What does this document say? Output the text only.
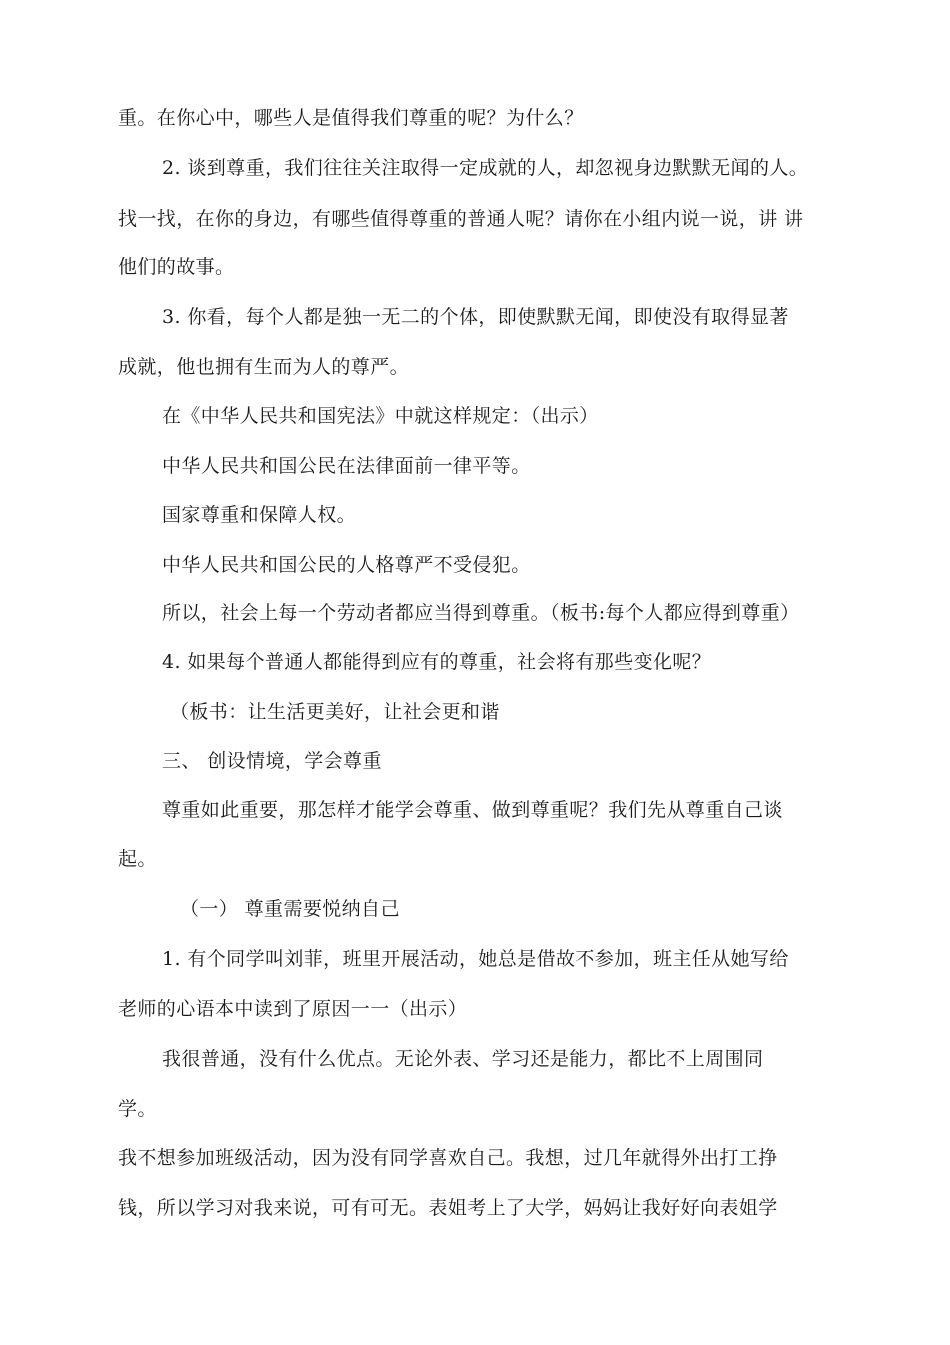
重。在你心中，哪些人是值得我们尊重的呢？为什么？
2. 谈到尊重，我们往往关注取得一定成就的人，却忽视身边默默无闻的人。
找一找，在你的身边，有哪些值得尊重的普通人呢？请你在小组内说一说，讲 讲
他们的故事。
3. 你看，每个人都是独一无二的个体，即使默默无闻，即使没有取得显著
成就，他也拥有生而为人的尊严。
在《中华人民共和国宪法》中就这样规定：（出示）
中华人民共和国公民在法律面前一律平等。
国家尊重和保障人权。
中华人民共和国公民的人格尊严不受侵犯。
所以，社会上每一个劳动者都应当得到尊重。（板书:每个人都应得到尊重）
4. 如果每个普通人都能得到应有的尊重，社会将有那些变化呢？
（板书：让生活更美好，让社会更和谐
三、 创设情境，学会尊重
尊重如此重要，那怎样才能学会尊重、做到尊重呢？我们先从尊重自己谈
起。
（一） 尊重需要悦纳自己
1. 有个同学叫刘菲，班里开展活动，她总是借故不参加，班主任从她写给
老师的心语本中读到了原因一一（出示）
我很普通，没有什么优点。无论外表、学习还是能力，都比不上周围同
学。
我不想参加班级活动，因为没有同学喜欢自己。我想，过几年就得外出打工挣
钱，所以学习对我来说，可有可无。表姐考上了大学，妈妈让我好好向表姐学
